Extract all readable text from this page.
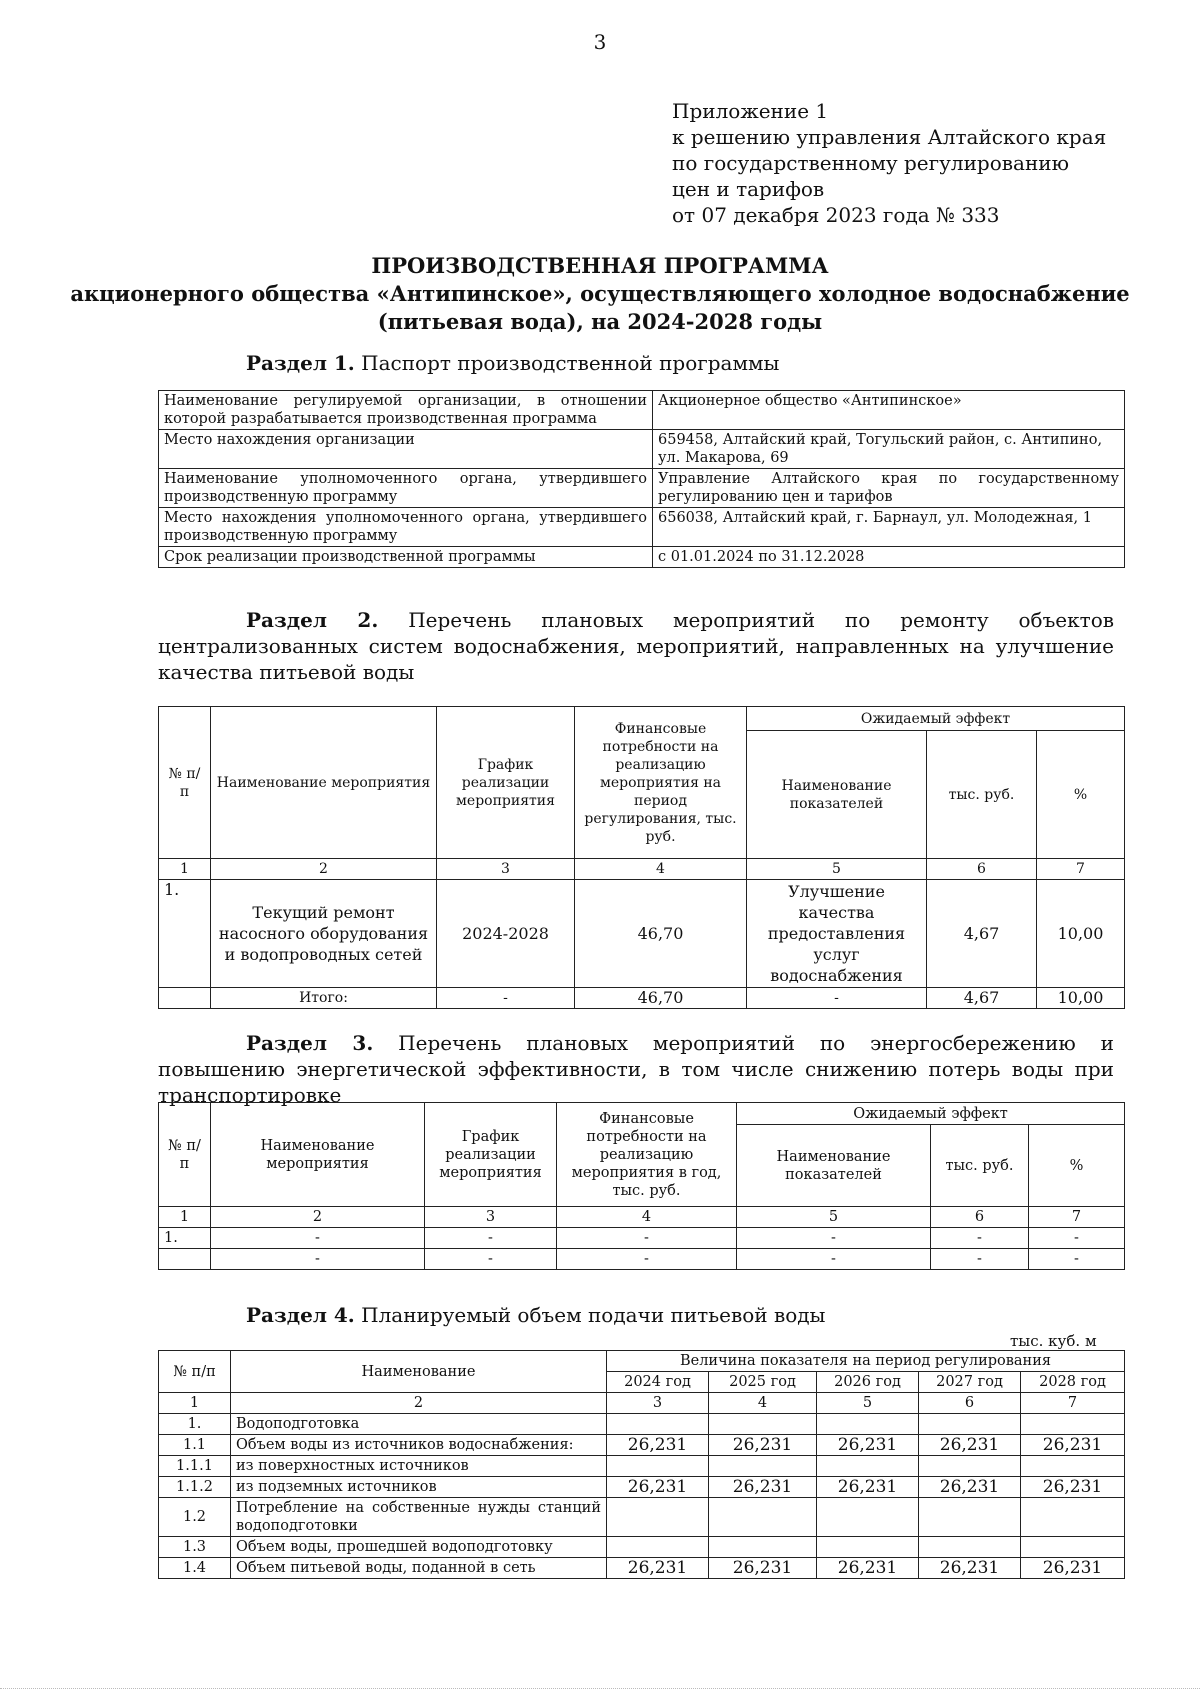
3
Приложение 1
к решению управления Алтайского края
по государственному регулированию
цен и тарифов
от 07 декабря 2023 года № 333
ПРОИЗВОДСТВЕННАЯ ПРОГРАММА
акционерного общества «Антипинское», осуществляющего холодное водоснабжение
(питьевая вода), на 2024-2028 годы
Раздел 1. Паспорт производственной программы
Наименование регулируемой организации, в отношении которой разрабатывается производственная программа	Акционерное общество «Антипинское»
Место нахождения организации	659458, Алтайский край, Тогульский район, с. Антипино, ул. Макарова, 69
Наименование уполномоченного органа, утвердившего производственную программу	Управление Алтайского края по государственному регулированию цен и тарифов
Место нахождения уполномоченного органа, утвердившего производственную программу	656038, Алтайский край, г. Барнаул, ул. Молодежная, 1
Срок реализации производственной программы	с 01.01.2024 по 31.12.2028
Раздел 2. Перечень плановых мероприятий по ремонту объектов централизованных систем водоснабжения, мероприятий, направленных на улучшение качества питьевой воды
№ п/п	Наименование мероприятия	График реализации мероприятия	Финансовые потребности на реализацию мероприятия на период регулирования, тыс. руб.	Ожидаемый эффект		
				Наименование показателей	тыс. руб.	%
1	2	3	4	5	6	7
1.	Текущий ремонт насосного оборудования и водопроводных сетей	2024-2028	46,70	Улучшение качества предоставления услуг водоснабжения	4,67	10,00
	Итого:	-	46,70	-	4,67	10,00
Раздел 3. Перечень плановых мероприятий по энергосбережению и повышению энергетической эффективности, в том числе снижению потерь воды при транспортировке
№ п/п	Наименование мероприятия	График реализации мероприятия	Финансовые потребности на реализацию мероприятия в год, тыс. руб.	Ожидаемый эффект		
				Наименование показателей	тыс. руб.	%
1	2	3	4	5	6	7
1.	-	-	-	-	-	-
	-	-	-	-	-	-
Раздел 4. Планируемый объем подачи питьевой воды
тыс. куб. м
№ п/п	Наименование	Величина показателя на период регулирования				
		2024 год	2025 год	2026 год	2027 год	2028 год
1	2	3	4	5	6	7
1.	Водоподготовка					
1.1	Объем воды из источников водоснабжения:	26,231	26,231	26,231	26,231	26,231
1.1.1	из поверхностных источников					
1.1.2	из подземных источников	26,231	26,231	26,231	26,231	26,231
1.2	Потребление на собственные нужды станций водоподготовки					
1.3	Объем воды, прошедшей водоподготовку					
1.4	Объем питьевой воды, поданной в сеть	26,231	26,231	26,231	26,231	26,231
